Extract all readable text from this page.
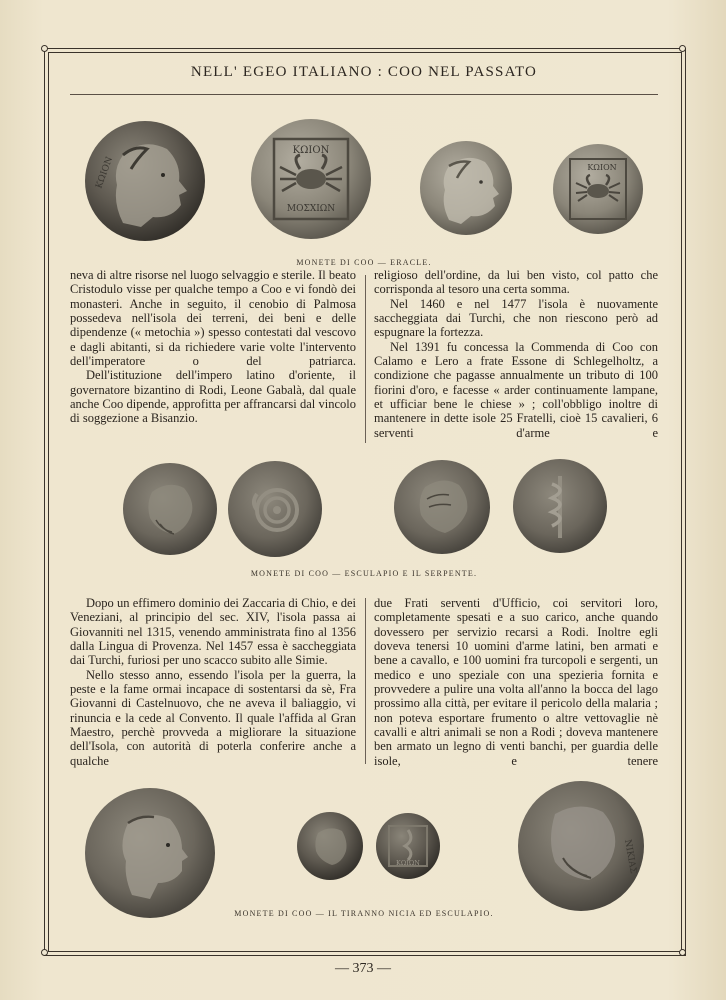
NELL' EGEO ITALIANO : COO NEL PASSATO
ΚΩΙΟΝ
ΚΩΙΟΝ
ΜΟΣΧΙΩΝ
ΚΩΙΟΝ
MONETE DI COO — ERACLE.

neva di altre risorse nel luogo selvaggio e sterile. Il beato Cristodulo visse per qualche tempo a Coo e vi fondò dei monasteri. Anche in seguito, il cenobio di Palmosa possedeva nell'isola dei terreni, dei beni e delle dipendenze (« metochia ») spesso contestati dal vescovo e dagli abitanti, si da richiedere varie volte l'intervento dell'imperatore o del patriarca.

Dell'istituzione dell'impero latino d'oriente, il governatore bizantino di Rodi, Leone Gabalà, dal quale anche Coo dipende, approfitta per affrancarsi dal vincolo di soggezione a Bisanzio.

religioso dell'ordine, da lui ben visto, col patto che corrisponda al tesoro una certa somma.

Nel 1460 e nel 1477 l'isola è nuovamente saccheggiata dai Turchi, che non riescono però ad espugnare la fortezza.

Nel 1391 fu concessa la Commenda di Coo con Calamo e Lero a frate Essone di Schlegelholtz, a condizione che pagasse annualmente un tributo di 100 fiorini d'oro, e facesse « arder continuamente lampane, et ufficiar bene le chiese » ; coll'obbligo inoltre di mantenere in dette isole 25 Fratelli, cioè 15 cavalieri, 6 serventi d'arme e

MONETE DI COO — ESCULAPIO E IL SERPENTE.

Dopo un effimero dominio dei Zaccaria di Chio, e dei Veneziani, al principio del sec. XIV, l'isola passa ai Giovanniti nel 1315, venendo amministrata fino al 1356 dalla Lingua di Provenza. Nel 1457 essa è saccheggiata dai Turchi, furiosi per uno scacco subito alle Simie.

Nello stesso anno, essendo l'isola per la guerra, la peste e la fame ormai incapace di sostentarsi da sè, Fra Giovanni di Castelnuovo, che ne aveva il baliaggio, vi rinuncia e la cede al Convento. Il quale l'affida al Gran Maestro, perchè provveda a migliorare la situazione dell'Isola, con autorità di poterla conferire anche a qualche

due Frati serventi d'Ufficio, coi servitori loro, completamente spesati e a suo carico, anche quando dovessero per servizio recarsi a Rodi. Inoltre egli doveva tenersi 10 uomini d'arme latini, ben armati e bene a cavallo, e 100 uomini fra turcopoli e sergenti, un medico e uno speziale con una spezieria fornita e provvedere a pulire una volta all'anno la bocca del lago prossimo alla città, per evitare il pericolo della malaria ; non poteva esportare frumento o altre vettovaglie nè cavalli e altri animali se non a Rodi ; doveva mantenere ben armato un legno di venti banchi, per guardia delle isole, e tenere

ΚΩΙΩΝ	ΝΙΚΙΑΣ
MONETE DI COO — IL TIRANNO NICIA ED ESCULAPIO.
— 373 —
